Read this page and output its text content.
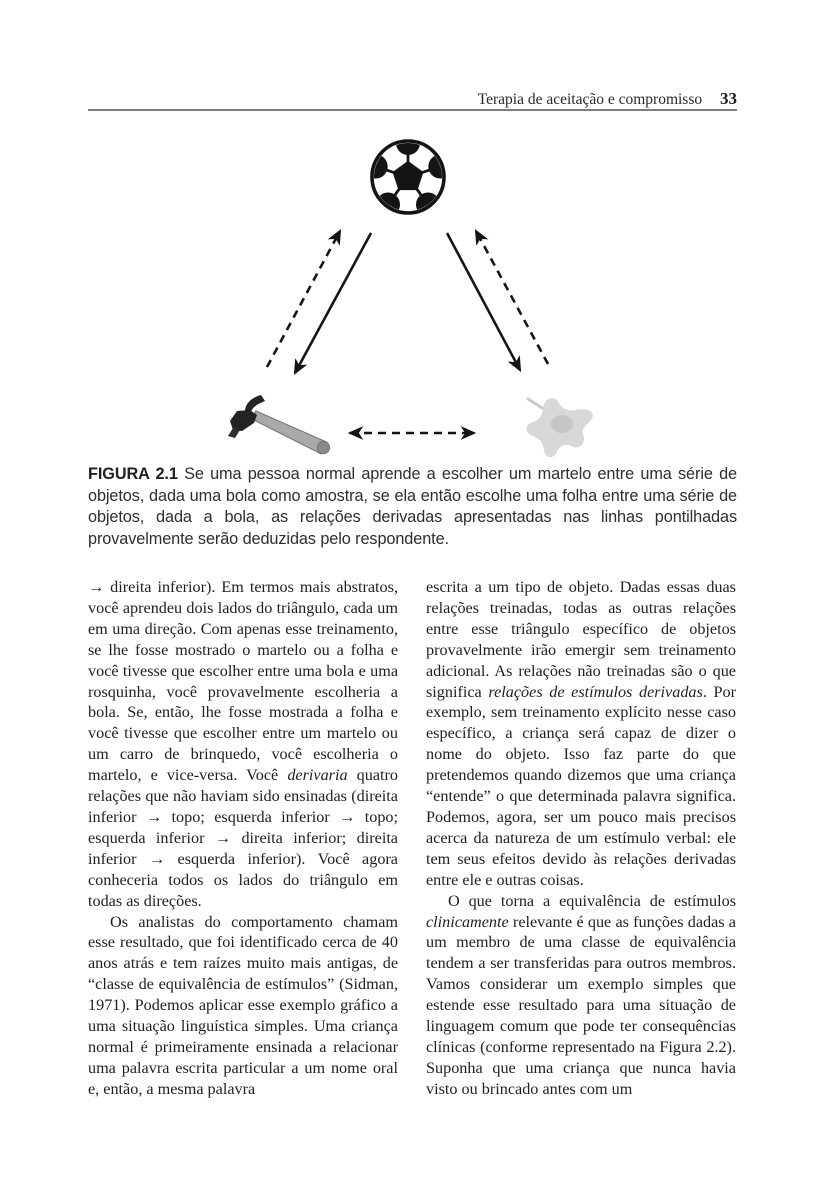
Terapia de aceitação e compromisso 33

FIGURA 2.1 Se uma pessoa normal aprende a escolher um martelo entre uma série de objetos, dada uma bola como amostra, se ela então escolhe uma folha entre uma série de objetos, dada a bola, as relações derivadas apresentadas nas linhas pontilhadas provavelmente serão deduzidas pelo respondente.

→ direita inferior). Em termos mais abstratos, você aprendeu dois lados do triângulo, cada um em uma direção. Com apenas esse treinamento, se lhe fosse mostrado o martelo ou a folha e você tivesse que escolher entre uma bola e uma rosquinha, você provavelmente escolheria a bola. Se, então, lhe fosse mostrada a folha e você tivesse que escolher entre um martelo ou um carro de brinquedo, você escolheria o martelo, e vice-versa. Você derivaria quatro relações que não haviam sido ensinadas (direita inferior → topo; esquerda inferior → topo; esquerda inferior → direita inferior; direita inferior → esquerda inferior). Você agora conheceria todos os lados do triângulo em todas as direções.

Os analistas do comportamento chamam esse resultado, que foi identificado cerca de 40 anos atrás e tem raízes muito mais antigas, de “classe de equivalência de estímulos” (Sidman, 1971). Podemos aplicar esse exemplo gráfico a uma situação linguística simples. Uma criança normal é primeiramente ensinada a relacionar uma palavra escrita particular a um nome oral e, então, a mesma palavra

escrita a um tipo de objeto. Dadas essas duas relações treinadas, todas as outras relações entre esse triângulo específico de objetos provavelmente irão emergir sem treinamento adicional. As relações não treinadas são o que significa relações de estímulos derivadas. Por exemplo, sem treinamento explícito nesse caso específico, a criança será capaz de dizer o nome do objeto. Isso faz parte do que pretendemos quando dizemos que uma criança “entende” o que determinada palavra significa. Podemos, agora, ser um pouco mais precisos acerca da natureza de um estímulo verbal: ele tem seus efeitos devido às relações derivadas entre ele e outras coisas.

O que torna a equivalência de estímulos clinicamente relevante é que as funções dadas a um membro de uma classe de equivalência tendem a ser transferidas para outros membros. Vamos considerar um exemplo simples que estende esse resultado para uma situação de linguagem comum que pode ter consequências clínicas (conforme representado na Figura 2.2). Suponha que uma criança que nunca havia visto ou brincado antes com um
